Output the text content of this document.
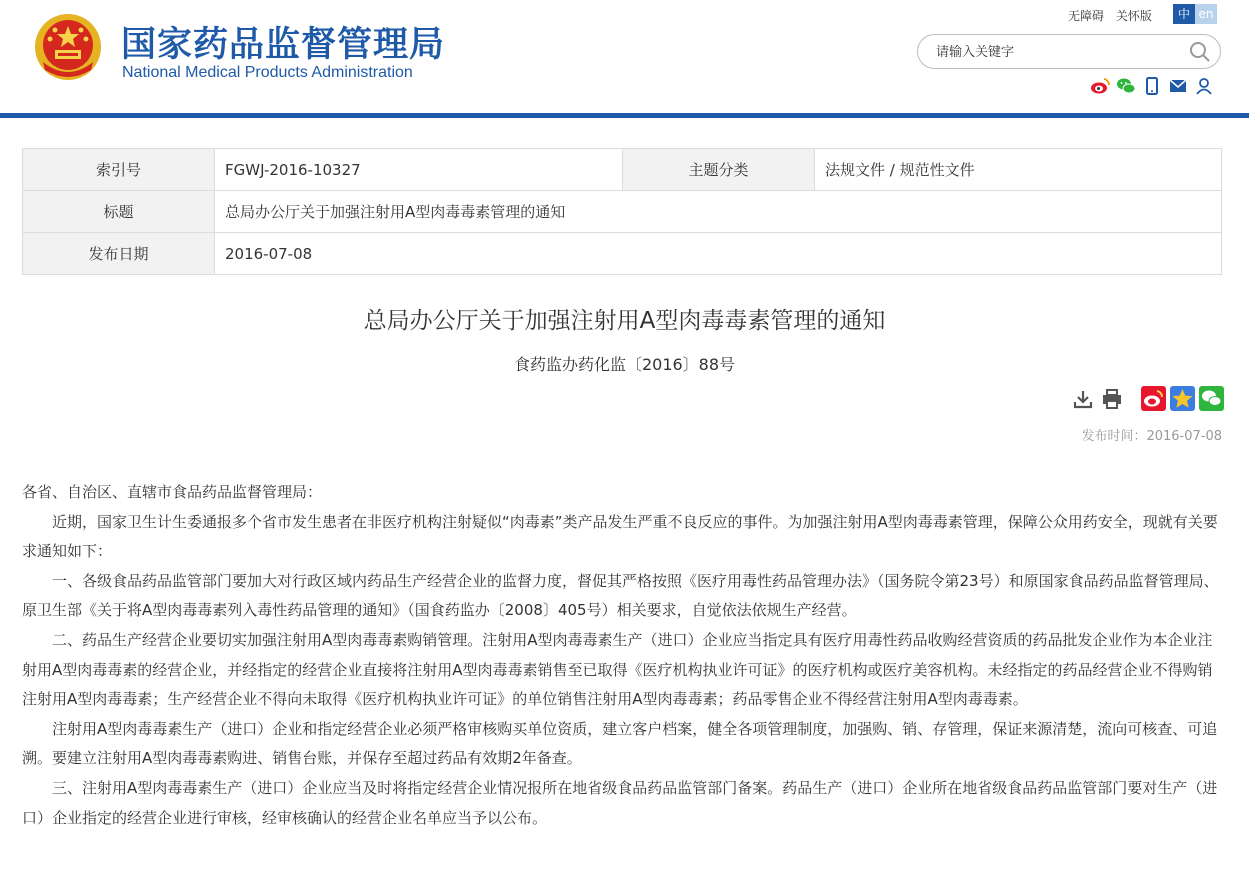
国家药品监督管理局
National Medical Products Administration
无障碍 关怀版	中 en
请输入关键字
索引号	FGWJ-2016-10327	主题分类	法规文件 / 规范性文件
标题	总局办公厅关于加强注射用A型肉毒毒素管理的通知		
发布日期	2016-07-08		
总局办公厅关于加强注射用A型肉毒毒素管理的通知
食药监办药化监〔2016〕88号
发布时间：2016-07-08

各省、自治区、直辖市食品药品监督管理局：

近期，国家卫生计生委通报多个省市发生患者在非医疗机构注射疑似“肉毒素”类产品发生严重不良反应的事件。为加强注射用A型肉毒毒素管理，保障公众用药安全，现就有关要求通知如下：

一、各级食品药品监管部门要加大对行政区域内药品生产经营企业的监督力度，督促其严格按照《医疗用毒性药品管理办法》（国务院令第23号）和原国家食品药品监督管理局、原卫生部《关于将A型肉毒毒素列入毒性药品管理的通知》（国食药监办〔2008〕405号）相关要求，自觉依法依规生产经营。

二、药品生产经营企业要切实加强注射用A型肉毒毒素购销管理。注射用A型肉毒毒素生产（进口）企业应当指定具有医疗用毒性药品收购经营资质的药品批发企业作为本企业注射用A型肉毒毒素的经营企业，并经指定的经营企业直接将注射用A型肉毒毒素销售至已取得《医疗机构执业许可证》的医疗机构或医疗美容机构。未经指定的药品经营企业不得购销注射用A型肉毒毒素；生产经营企业不得向未取得《医疗机构执业许可证》的单位销售注射用A型肉毒毒素；药品零售企业不得经营注射用A型肉毒毒素。

注射用A型肉毒毒素生产（进口）企业和指定经营企业必须严格审核购买单位资质，建立客户档案，健全各项管理制度，加强购、销、存管理，保证来源清楚，流向可核查、可追溯。要建立注射用A型肉毒毒素购进、销售台账，并保存至超过药品有效期2年备查。

三、注射用A型肉毒毒素生产（进口）企业应当及时将指定经营企业情况报所在地省级食品药品监管部门备案。药品生产（进口）企业所在地省级食品药品监管部门要对生产（进口）企业指定的经营企业进行审核，经审核确认的经营企业名单应当予以公布。
